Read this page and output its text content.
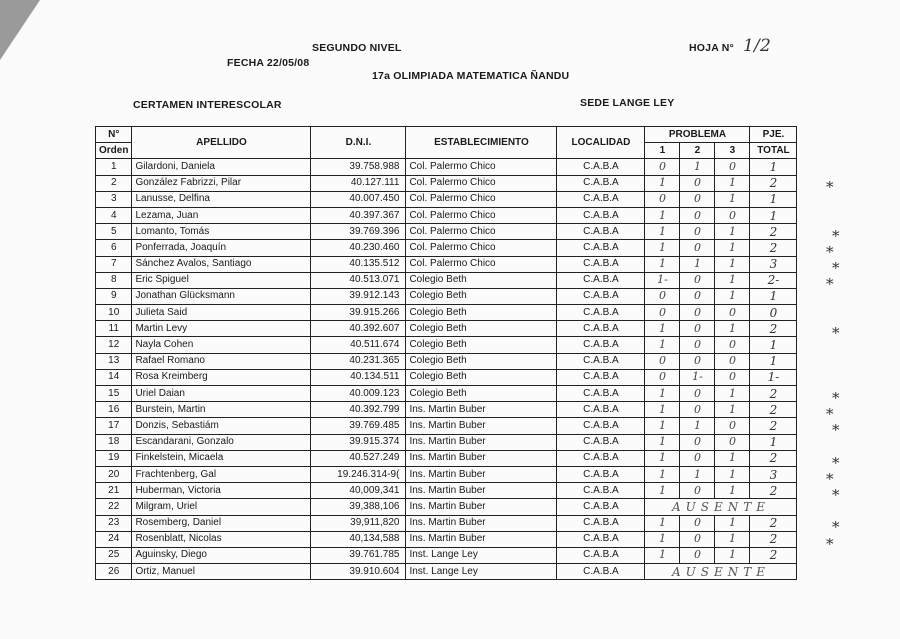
SEGUNDO NIVEL
FECHA 22/05/08
17a OLIMPIADA MATEMATICA ÑANDU
HOJA N° 1/2
CERTAMEN INTERESCOLAR	SEDE LANGE LEY
N°	APELLIDO	D.N.I.	ESTABLECIMIENTO	LOCALIDAD	PROBLEMA			PJE.
Orden					1	2	3	TOTAL
1	Gilardoni, Daniela	39.758.988	Col. Palermo Chico	C.A.B.A	0	1	0	1
2	González Fabrizzi, Pilar	40.127.111	Col. Palermo Chico	C.A.B.A	1	0	1	2
3	Lanusse, Delfina	40.007.450	Col. Palermo Chico	C.A.B.A	0	0	1	1
4	Lezama, Juan	40.397.367	Col. Palermo Chico	C.A.B.A	1	0	0	1
5	Lomanto, Tomás	39.769.396	Col. Palermo Chico	C.A.B.A	1	0	1	2
6	Ponferrada, Joaquín	40.230.460	Col. Palermo Chico	C.A.B.A	1	0	1	2
7	Sánchez Avalos, Santiago	40.135.512	Col. Palermo Chico	C.A.B.A	1	1	1	3
8	Eric Spiguel	40.513.071	Colegio Beth	C.A.B.A	1-	0	1	2-
9	Jonathan Glücksmann	39.912.143	Colegio Beth	C.A.B.A	0	0	1	1
10	Julieta Said	39.915.266	Colegio Beth	C.A.B.A	0	0	0	0
11	Martin Levy	40.392.607	Colegio Beth	C.A.B.A	1	0	1	2
12	Nayla Cohen	40.511.674	Colegio Beth	C.A.B.A	1	0	0	1
13	Rafael Romano	40.231.365	Colegio Beth	C.A.B.A	0	0	0	1
14	Rosa Kreimberg	40.134.511	Colegio Beth	C.A.B.A	0	1-	0	1-
15	Uriel Daian	40.009.123	Colegio Beth	C.A.B.A	1	0	1	2
16	Burstein, Martin	40.392.799	Ins. Martin Buber	C.A.B.A	1	0	1	2
17	Donzis, Sebastiám	39.769.485	Ins. Martin Buber	C.A.B.A	1	1	0	2
18	Escandarani, Gonzalo	39.915.374	Ins. Martin Buber	C.A.B.A	1	0	0	1
19	Finkelstein, Micaela	40.527.249	Ins. Martin Buber	C.A.B.A	1	0	1	2
20	Frachtenberg, Gal	19.246.314-9(	Ins. Martin Buber	C.A.B.A	1	1	1	3
21	Huberman, Victoria	40,009,341	Ins. Martin Buber	C.A.B.A	1	0	1	2
22	Milgram, Uriel	39,388,106	Ins. Martin Buber	C.A.B.A	AUSENTE			
23	Rosemberg, Daniel	39,911,820	Ins. Martin Buber	C.A.B.A	1	0	1	2
24	Rosenblatt, Nicolas	40,134,588	Ins. Martin Buber	C.A.B.A	1	0	1	2
25	Aguinsky, Diego	39.761.785	Inst. Lange Ley	C.A.B.A	1	0	1	2
26	Ortiz, Manuel	39.910.604	Inst. Lange Ley	C.A.B.A	AUSENTE			
*
*
*
*
*
*
*
*
*
*
*
*
*
*
